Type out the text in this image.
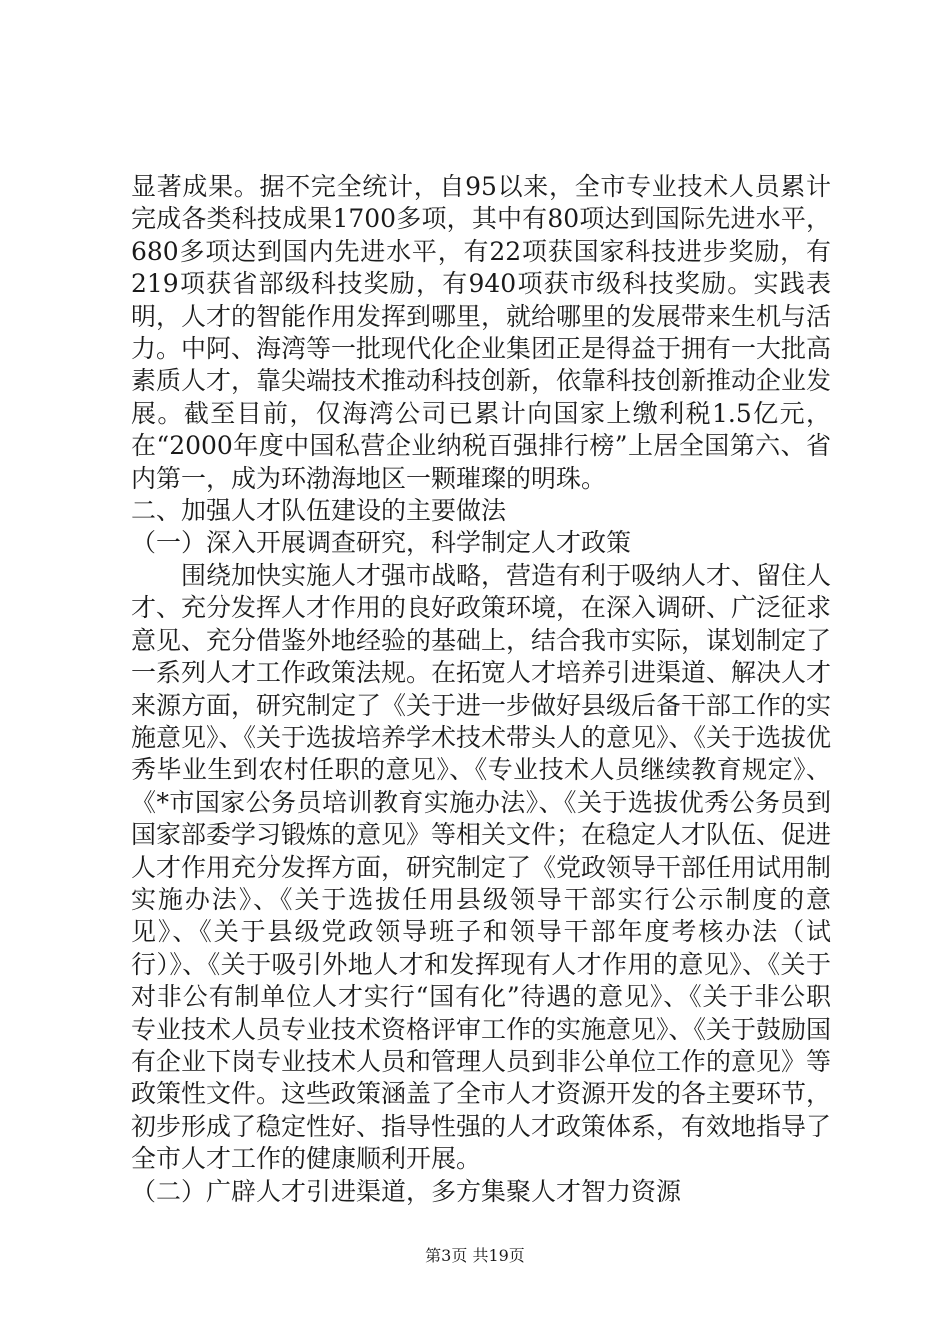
显著成果。据不完全统计，自95以来，全市专业技术人员累计完成各类科技成果1700多项，其中有80项达到国际先进水平，680多项达到国内先进水平，有22项获国家科技进步奖励，有219项获省部级科技奖励，有940项获市级科技奖励。实践表明，人才的智能作用发挥到哪里，就给哪里的发展带来生机与活力。中阿、海湾等一批现代化企业集团正是得益于拥有一大批高素质人才，靠尖端技术推动科技创新，依靠科技创新推动企业发展。截至目前，仅海湾公司已累计向国家上缴利税1.5亿元，在“2000年度中国私营企业纳税百强排行榜”上居全国第六、省内第一，成为环渤海地区一颗璀璨的明珠。

二、加强人才队伍建设的主要做法

（一）深入开展调查研究，科学制定人才政策

围绕加快实施人才强市战略，营造有利于吸纳人才、留住人才、充分发挥人才作用的良好政策环境，在深入调研、广泛征求意见、充分借鉴外地经验的基础上，结合我市实际，谋划制定了一系列人才工作政策法规。在拓宽人才培养引进渠道、解决人才来源方面，研究制定了《关于进一步做好县级后备干部工作的实施意见》、《关于选拔培养学术技术带头人的意见》、《关于选拔优秀毕业生到农村任职的意见》、《专业技术人员继续教育规定》、《*市国家公务员培训教育实施办法》、《关于选拔优秀公务员到国家部委学习锻炼的意见》等相关文件；在稳定人才队伍、促进人才作用充分发挥方面，研究制定了《党政领导干部任用试用制实施办法》、《关于选拔任用县级领导干部实行公示制度的意见》、《关于县级党政领导班子和领导干部年度考核办法（试行）》、《关于吸引外地人才和发挥现有人才作用的意见》、《关于对非公有制单位人才实行“国有化”待遇的意见》、《关于非公职专业技术人员专业技术资格评审工作的实施意见》、《关于鼓励国有企业下岗专业技术人员和管理人员到非公单位工作的意见》等政策性文件。这些政策涵盖了全市人才资源开发的各主要环节，初步形成了稳定性好、指导性强的人才政策体系，有效地指导了全市人才工作的健康顺利开展。

（二）广辟人才引进渠道，多方集聚人才智力资源

第3页 共19页
